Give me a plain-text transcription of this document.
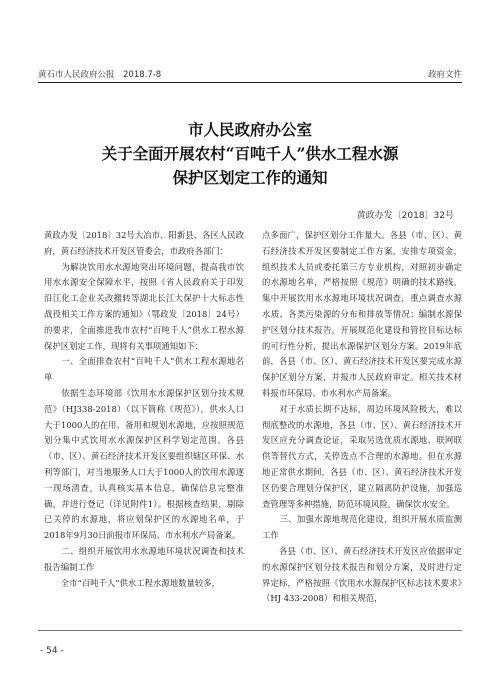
黄石市人民政府公报　2018.7-8	政府文件
市人民政府办公室
关于全面开展农村“百吨千人”供水工程水源
保护区划定工作的通知
黄政办发〔2018〕32号

黄政办发〔2018〕32号大冶市、阳新县、各区人民政府，黄石经济技术开发区管委会，市政府各部门：

　　为解决饮用水水源地突出环境问题，提高我市饮用水水源安全保障水平，按照《省人民政府关于印发沿江化工企业关改搬转等湖北长江大保护十大标志性战役相关工作方案的通知》（鄂政发〔2018〕24号）的要求，全面推进我市农村“百吨千人”供水工程水源保护区划定工作，现将有关事项通知如下：

　　一、全面排查农村“百吨千人”供水工程水源地名单

　　依据生态环境部《饮用水水源保护区划分技术规范》（HJ338-2018）（以下简称《规范》），供水人口大于1000人的在用、备用和规划水源地，应按照规范划分集中式饮用水水源保护区科学划定范围。各县（市、区）、黄石经济技术开发区要组织辖区环保、水利等部门，对当地服务人口大于1000人的饮用水源逐一现场清查，认真核实基本信息，确保信息完整准确，并进行登记（详见附件1）。根据核查结果，剔除已关停的水源地，将应划保护区的水源地名单，于2018年9月30日前报市环保局、市水利水产局备案。

　　二、组织开展饮用水水源地环境状况调查和技术报告编制工作

　　全市“百吨千人”供水工程水源地数量较多，

点多面广，保护区划分工作量大。各县（市、区）、黄石经济技术开发区要制定工作方案，安排专项资金，组织技术人员或委托第三方专业机构，对照初步确定的水源地名单，严格按照《规范》明确的技术路线，集中开展饮用水水源地环境状况调查，重点调查水源水质、各类污染源的分布和排放等情况；编制水源保护区划分技术报告，开展规范化建设和管控目标达标的可行性分析，提出水源保护区划分方案。2019年底前，各县（市、区）、黄石经济技术开发区要完成水源保护区划分方案，并报市人民政府审定。相关技术材料报市环保局、市水利水产局备案。

　　对于水质长期不达标，周边环境风险极大，难以彻底整改的水源地，各县（市、区）、黄石经济技术开发区应充分调查论证，采取另选优质水源地、联网联供等替代方式，关停选点不合理的水源地。但在水源地正常供水期间，各县（市、区）、黄石经济技术开发区仍要合理划分保护区，建立隔离防护设施，加强巡查管理等多种措施，防范环境风险，确保饮水安全。

　　三、加强水源地规范化建设，组织开展水质监测工作

　　各县（市、区）、黄石经济技术开发区应依据审定的水源保护区划分技术报告和划分方案，及时进行定界定标，严格按照《饮用水水源保护区标志技术要求》（HJ 433-2008）和相关规范，

- 54 -
